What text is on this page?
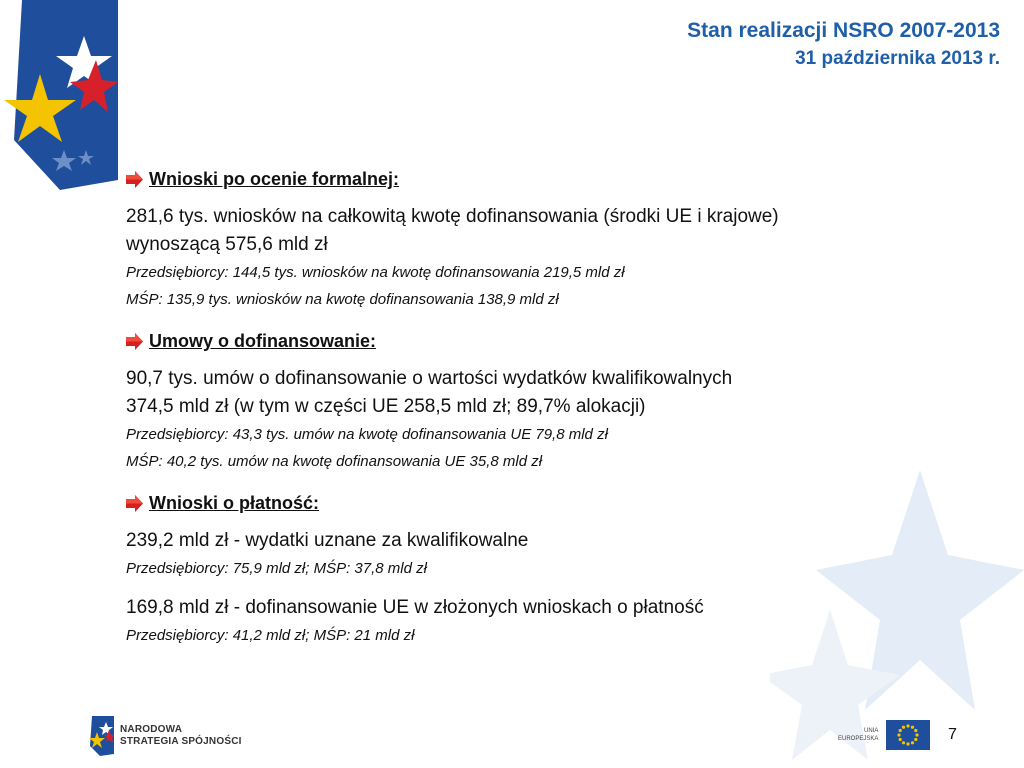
Stan realizacji NSRO 2007-2013
31 października 2013 r.
Wnioski po ocenie formalnej:

281,6 tys. wniosków na całkowitą kwotę dofinansowania (środki UE i krajowe)

wynoszącą 575,6 mld zł

Przedsiębiorcy: 144,5 tys. wniosków na kwotę dofinansowania 219,5 mld zł

MŚP: 135,9 tys. wniosków na kwotę dofinansowania 138,9 mld zł

Umowy o dofinansowanie:

90,7 tys. umów o dofinansowanie o wartości wydatków kwalifikowalnych

374,5 mld zł (w tym w części UE 258,5 mld zł; 89,7% alokacji)

Przedsiębiorcy: 43,3 tys. umów na kwotę dofinansowania UE 79,8 mld zł

MŚP: 40,2 tys. umów na kwotę dofinansowania UE 35,8 mld zł

Wnioski o płatność:

239,2 mld zł - wydatki uznane za kwalifikowalne

Przedsiębiorcy: 75,9 mld zł; MŚP: 37,8 mld zł

169,8 mld zł - dofinansowanie UE w złożonych wnioskach o płatność

Przedsiębiorcy: 41,2 mld zł; MŚP: 21 mld zł

NARODOWA
STRATEGIA SPÓJNOŚCI
UNIA
EUROPEJSKA	7
